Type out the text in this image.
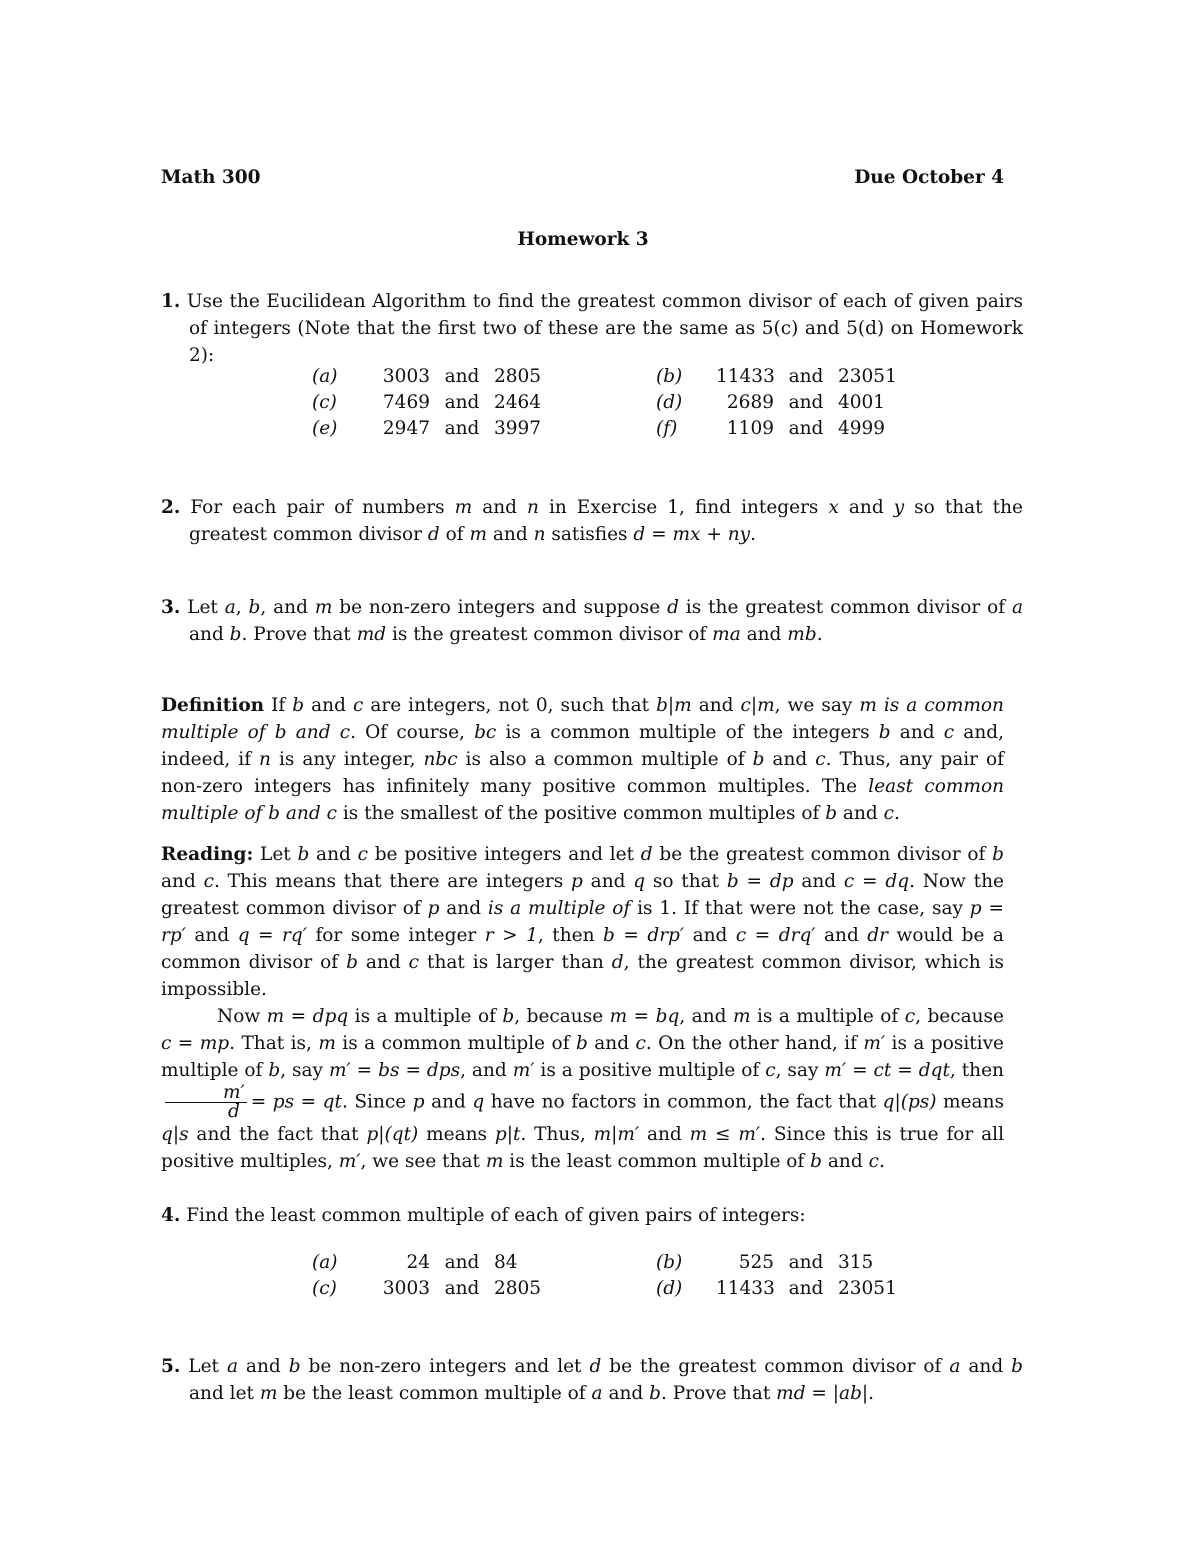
Math 300	Due October 4
Homework 3
1. Use the Eucilidean Algorithm to find the greatest common divisor of each of given pairs of integers (Note that the first two of these are the same as 5(c) and 5(d) on Homework 2):
(a)	3003 and 2805	(b)	11433 and 23051
(c)	7469 and 2464	(d)	2689 and 4001
(e)	2947 and 3997	(f)	1109 and 4999
2. For each pair of numbers m and n in Exercise 1, find integers x and y so that the greatest common divisor d of m and n satisfies d = mx + ny.
3. Let a, b, and m be non-zero integers and suppose d is the greatest common divisor of a and b. Prove that md is the greatest common divisor of ma and mb.
Definition If b and c are integers, not 0, such that b|m and c|m, we say m is a common multiple of b and c. Of course, bc is a common multiple of the integers b and c and, indeed, if n is any integer, nbc is also a common multiple of b and c. Thus, any pair of non-zero integers has infinitely many positive common multiples. The least common multiple of b and c is the smallest of the positive common multiples of b and c.
Reading: Let b and c be positive integers and let d be the greatest common divisor of b and c. This means that there are integers p and q so that b = dp and c = dq. Now the greatest common divisor of p and is a multiple of is 1. If that were not the case, say p = rp′ and q = rq′ for some integer r > 1, then b = drp′ and c = drq′ and dr would be a common divisor of b and c that is larger than d, the greatest common divisor, which is impossible.
Now m = dpq is a multiple of b, because m = bq, and m is a multiple of c, because c = mp. That is, m is a common multiple of b and c. On the other hand, if m′ is a positive multiple of b, say m′ = bs = dps, and m′ is a positive multiple of c, say m′ = ct = dqt, then
$\frac{m'}{d}$ = ps = qt. Since p and q have no factors in common, the fact that q|(ps) means q|s and the fact that p|(qt) means p|t. Thus, m|m′ and m ≤ m′. Since this is true for all positive multiples, m′, we see that m is the least common multiple of b and c.
4. Find the least common multiple of each of given pairs of integers:
(a)	24 and 84	(b)	525 and 315
(c)	3003 and 2805	(d)	11433 and 23051
5. Let a and b be non-zero integers and let d be the greatest common divisor of a and b and let m be the least common multiple of a and b. Prove that md = |ab|.
